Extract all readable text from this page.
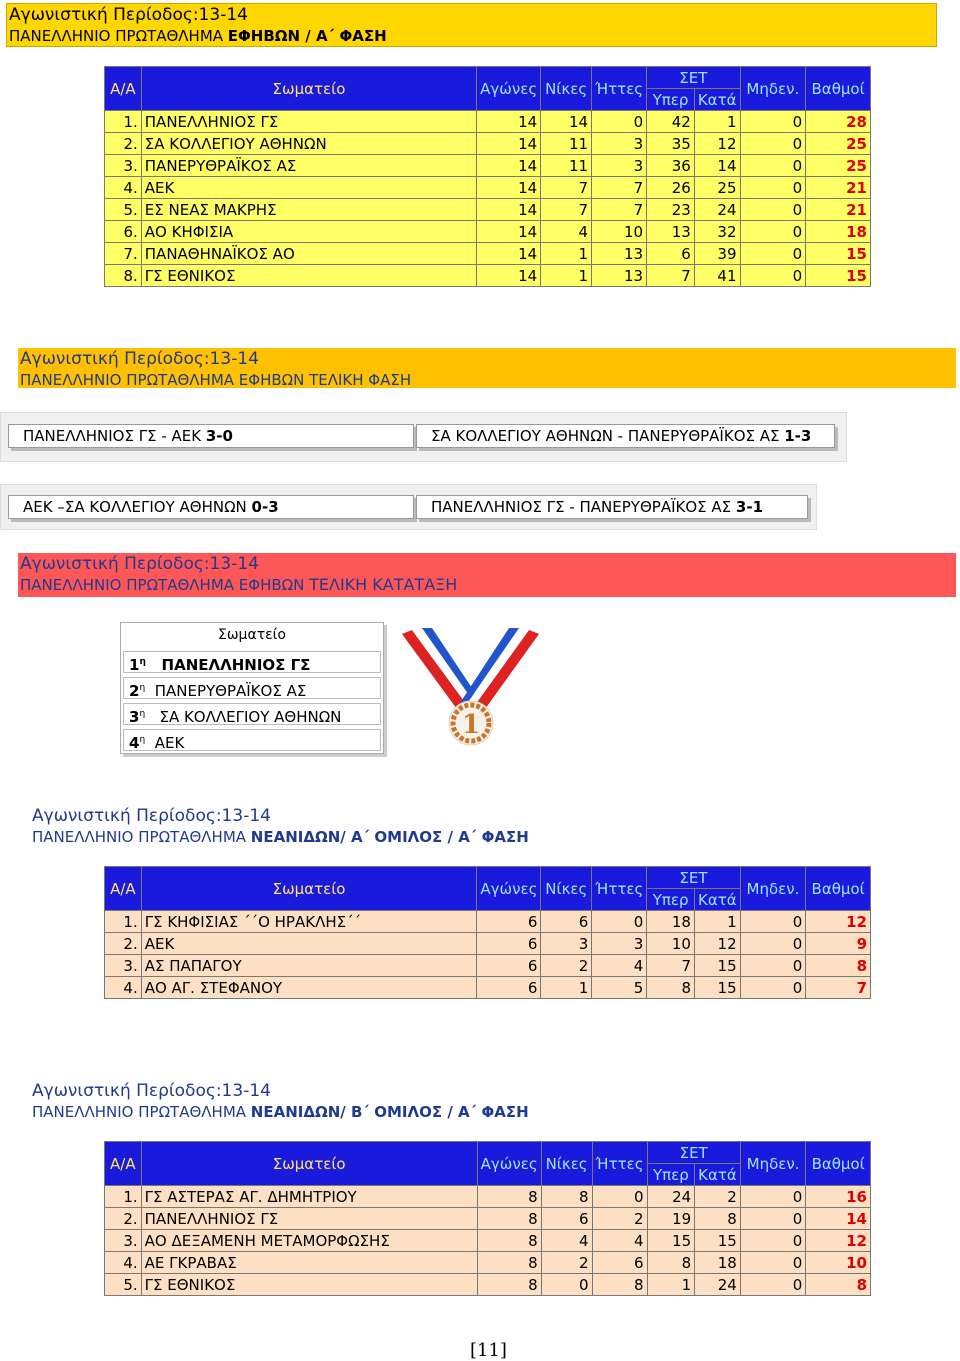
Αγωνιστική Περίοδος:13-14
ΠΑΝΕΛΛΗΝΙΟ ΠΡΩΤΑΘΛΗΜΑ ΕΦΗΒΩΝ / Α΄ ΦΑΣΗ
Α/Α	Σωματείο	Αγώνες	Νίκες	Ήττες	ΣΕΤ		Μηδεν.	Βαθμοί
					Υπερ	Κατά		
1.	ΠΑΝΕΛΛΗΝΙΟΣ ΓΣ	14	14	0	42	1	0	28
2.	ΣΑ ΚΟΛΛΕΓΙΟΥ ΑΘΗΝΩΝ	14	11	3	35	12	0	25
3.	ΠΑΝΕΡΥΘΡΑΪΚΟΣ ΑΣ	14	11	3	36	14	0	25
4.	ΑΕΚ	14	7	7	26	25	0	21
5.	ΕΣ ΝΕΑΣ ΜΑΚΡΗΣ	14	7	7	23	24	0	21
6.	ΑΟ ΚΗΦΙΣΙΑ	14	4	10	13	32	0	18
7.	ΠΑΝΑΘΗΝΑΪΚΟΣ ΑΟ	14	1	13	6	39	0	15
8.	ΓΣ ΕΘΝΙΚΟΣ	14	1	13	7	41	0	15
Αγωνιστική Περίοδος:13-14
ΠΑΝΕΛΛΗΝΙΟ ΠΡΩΤΑΘΛΗΜΑ ΕΦΗΒΩΝ ΤΕΛΙΚΗ ΦΑΣΗ
ΠΑΝΕΛΛΗΝΙΟΣ ΓΣ - ΑΕΚ 3-0	ΣΑ ΚΟΛΛΕΓΙΟΥ ΑΘΗΝΩΝ - ΠΑΝΕΡΥΘΡΑΪΚΟΣ ΑΣ 1-3
ΑΕΚ –ΣΑ ΚΟΛΛΕΓΙΟΥ ΑΘΗΝΩΝ 0-3	ΠΑΝΕΛΛΗΝΙΟΣ ΓΣ - ΠΑΝΕΡΥΘΡΑΪΚΟΣ ΑΣ 3-1
Αγωνιστική Περίοδος:13-14
ΠΑΝΕΛΛΗΝΙΟ ΠΡΩΤΑΘΛΗΜΑ ΕΦΗΒΩΝ ΤΕΛΙΚΗ ΚΑΤΑΤΑΞΗ
Σωματείο
$1^\eta$ ΠΑΝΕΛΛΗΝΙΟΣ ΓΣ
$2^\eta$ ΠΑΝΕΡΥΘΡΑΪΚΟΣ ΑΣ
$3^\eta$ ΣΑ ΚΟΛΛΕΓΙΟΥ ΑΘΗΝΩΝ
$4^\eta$ ΑΕΚ
1
Αγωνιστική Περίοδος:13-14
ΠΑΝΕΛΛΗΝΙΟ ΠΡΩΤΑΘΛΗΜΑ ΝΕΑΝΙΔΩΝ/ Α΄ ΟΜΙΛΟΣ / Α΄ ΦΑΣΗ
Α/Α	Σωματείο	Αγώνες	Νίκες	Ήττες	ΣΕΤ		Μηδεν.	Βαθμοί
					Υπερ	Κατά		
1.	ΓΣ ΚΗΦΙΣΙΑΣ ΄΄Ο ΗΡΑΚΛΗΣ΄΄	6	6	0	18	1	0	12
2.	ΑΕΚ	6	3	3	10	12	0	9
3.	ΑΣ ΠΑΠΑΓΟΥ	6	2	4	7	15	0	8
4.	ΑΟ ΑΓ. ΣΤΕΦΑΝΟΥ	6	1	5	8	15	0	7
Αγωνιστική Περίοδος:13-14
ΠΑΝΕΛΛΗΝΙΟ ΠΡΩΤΑΘΛΗΜΑ ΝΕΑΝΙΔΩΝ/ Β΄ ΟΜΙΛΟΣ / Α΄ ΦΑΣΗ
Α/Α	Σωματείο	Αγώνες	Νίκες	Ήττες	ΣΕΤ		Μηδεν.	Βαθμοί
					Υπερ	Κατά		
1.	ΓΣ ΑΣΤΕΡΑΣ ΑΓ. ΔΗΜΗΤΡΙΟΥ	8	8	0	24	2	0	16
2.	ΠΑΝΕΛΛΗΝΙΟΣ ΓΣ	8	6	2	19	8	0	14
3.	ΑΟ ΔΕΞΑΜΕΝΗ ΜΕΤΑΜΟΡΦΩΣΗΣ	8	4	4	15	15	0	12
4.	ΑΕ ΓΚΡΑΒΑΣ	8	2	6	8	18	0	10
5.	ΓΣ ΕΘΝΙΚΟΣ	8	0	8	1	24	0	8
[11]
